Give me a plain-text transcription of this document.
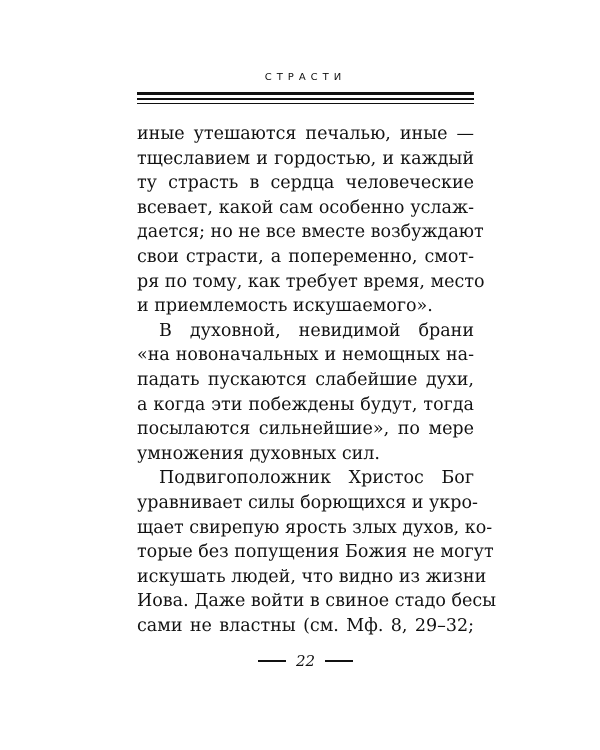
СТРАСТИ
иные утешаются печалью, иные —
тщеславием и гордостью, и каждый
ту страсть в сердца человеческие
всевает, какой сам особенно услаж-
дается; но не все вместе возбуждают
свои страсти, а попеременно, смот-
ря по тому, как требует время, место
и приемлемость искушаемого».
В духовной, невидимой брани
«на новоначальных и немощных на-
падать пускаются слабейшие духи,
а когда эти побеждены будут, тогда
посылаются сильнейшие», по мере
умножения духовных сил.
Подвигоположник Христос Бог
уравнивает силы борющихся и укро-
щает свирепую ярость злых духов, ко-
торые без попущения Божия не могут
искушать людей, что видно из жизни
Иова. Даже войти в свиное стадо бесы
сами не властны (см. Мф. 8, 29–32;
22
